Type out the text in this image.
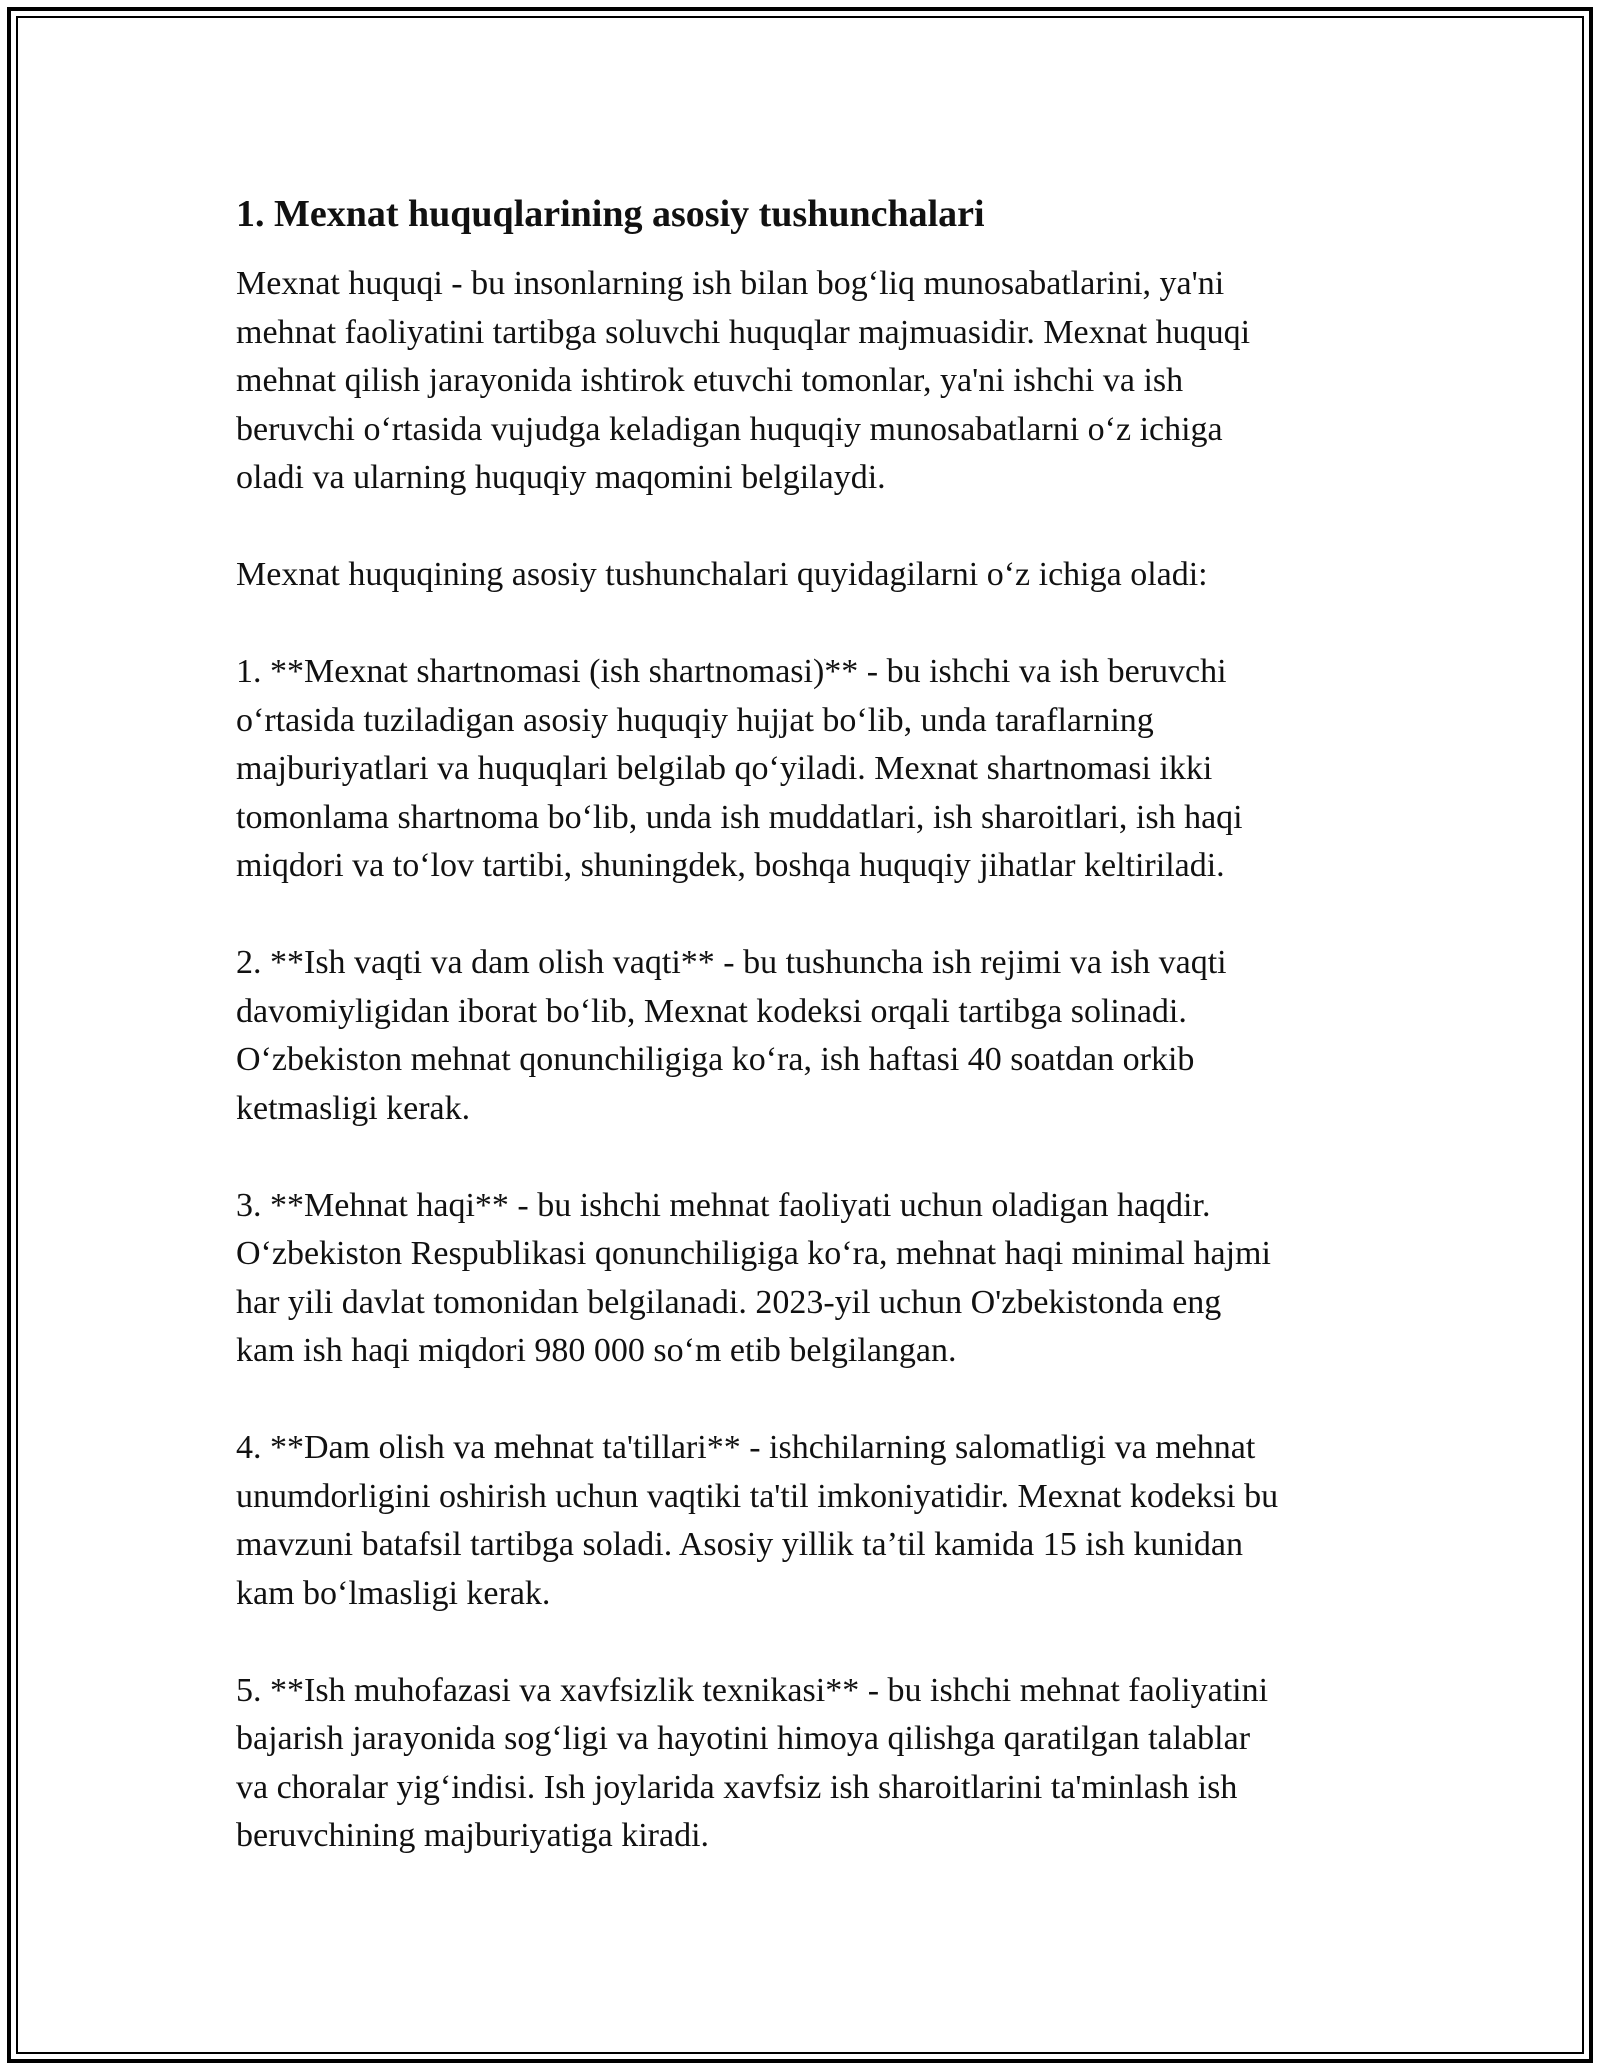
1. Mexnat huquqlarining asosiy tushunchalari

Mexnat huquqi - bu insonlarning ish bilan bog‘liq munosabatlarini, ya'ni
mehnat faoliyatini tartibga soluvchi huquqlar majmuasidir. Mexnat huquqi
mehnat qilish jarayonida ishtirok etuvchi tomonlar, ya'ni ishchi va ish
beruvchi o‘rtasida vujudga keladigan huquqiy munosabatlarni o‘z ichiga
oladi va ularning huquqiy maqomini belgilaydi.

Mexnat huquqining asosiy tushunchalari quyidagilarni o‘z ichiga oladi:

1. **Mexnat shartnomasi (ish shartnomasi)** - bu ishchi va ish beruvchi
o‘rtasida tuziladigan asosiy huquqiy hujjat bo‘lib, unda taraflarning
majburiyatlari va huquqlari belgilab qo‘yiladi. Mexnat shartnomasi ikki
tomonlama shartnoma bo‘lib, unda ish muddatlari, ish sharoitlari, ish haqi
miqdori va to‘lov tartibi, shuningdek, boshqa huquqiy jihatlar keltiriladi.

2. **Ish vaqti va dam olish vaqti** - bu tushuncha ish rejimi va ish vaqti
davomiyligidan iborat bo‘lib, Mexnat kodeksi orqali tartibga solinadi.
O‘zbekiston mehnat qonunchiligiga ko‘ra, ish haftasi 40 soatdan orkib
ketmasligi kerak.

3. **Mehnat haqi** - bu ishchi mehnat faoliyati uchun oladigan haqdir.
O‘zbekiston Respublikasi qonunchiligiga ko‘ra, mehnat haqi minimal hajmi
har yili davlat tomonidan belgilanadi. 2023-yil uchun O'zbekistonda eng
kam ish haqi miqdori 980 000 so‘m etib belgilangan.

4. **Dam olish va mehnat ta'tillari** - ishchilarning salomatligi va mehnat
unumdorligini oshirish uchun vaqtiki ta'til imkoniyatidir. Mexnat kodeksi bu
mavzuni batafsil tartibga soladi. Asosiy yillik ta’til kamida 15 ish kunidan
kam bo‘lmasligi kerak.

5. **Ish muhofazasi va xavfsizlik texnikasi** - bu ishchi mehnat faoliyatini
bajarish jarayonida sog‘ligi va hayotini himoya qilishga qaratilgan talablar
va choralar yig‘indisi. Ish joylarida xavfsiz ish sharoitlarini ta'minlash ish
beruvchining majburiyatiga kiradi.
